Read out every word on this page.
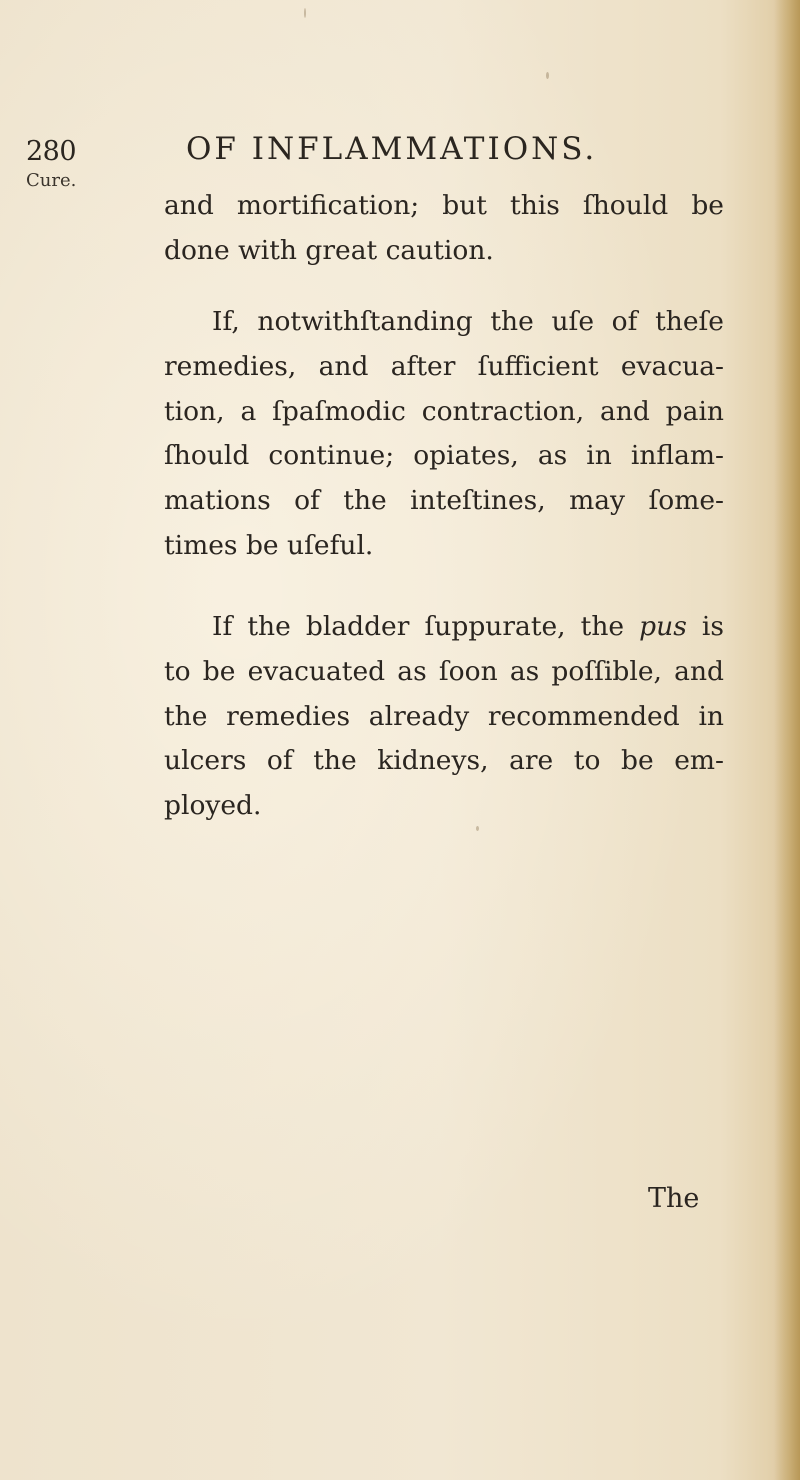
280	OF INFLAMMATIONS.
Cure.
and mortification; but this ſhould be
done with great caution.
If, notwithſtanding the uſe of theſe
remedies, and after ſufficient evacua-
tion, a ſpaſmodic contraction, and pain
ſhould continue; opiates, as in inflam-
mations of the inteſtines, may ſome-
times be uſeful.
If the bladder ſuppurate, the pus is
to be evacuated as ſoon as poſſible, and
the remedies already recommended in
ulcers of the kidneys, are to be em-
ployed.
The
